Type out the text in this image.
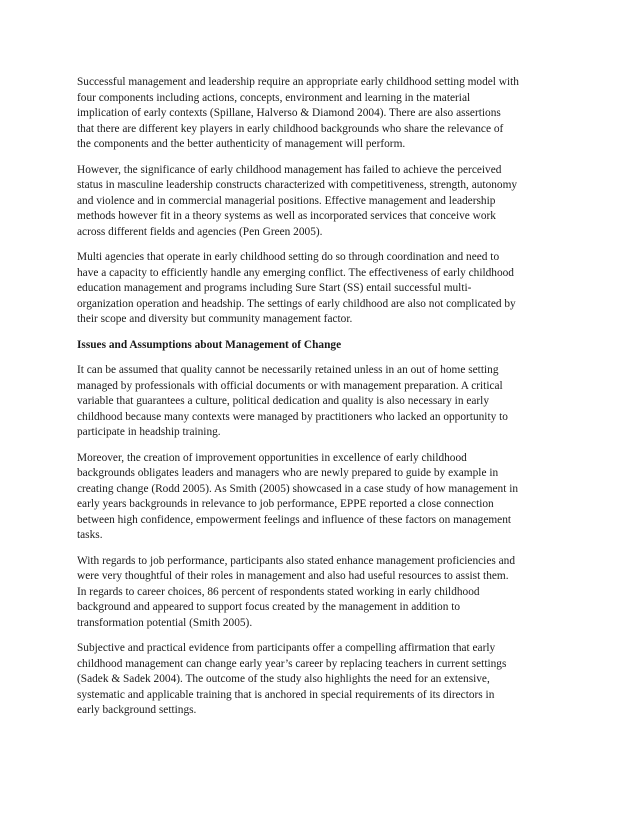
Successful management and leadership require an appropriate early childhood setting model with
four components including actions, concepts, environment and learning in the material
implication of early contexts (Spillane, Halverso & Diamond 2004). There are also assertions
that there are different key players in early childhood backgrounds who share the relevance of
the components and the better authenticity of management will perform.

However, the significance of early childhood management has failed to achieve the perceived
status in masculine leadership constructs characterized with competitiveness, strength, autonomy
and violence and in commercial managerial positions. Effective management and leadership
methods however fit in a theory systems as well as incorporated services that conceive work
across different fields and agencies (Pen Green 2005).

Multi agencies that operate in early childhood setting do so through coordination and need to
have a capacity to efficiently handle any emerging conflict. The effectiveness of early childhood
education management and programs including Sure Start (SS) entail successful multi-
organization operation and headship. The settings of early childhood are also not complicated by
their scope and diversity but community management factor.

Issues and Assumptions about Management of Change

It can be assumed that quality cannot be necessarily retained unless in an out of home setting
managed by professionals with official documents or with management preparation. A critical
variable that guarantees a culture, political dedication and quality is also necessary in early
childhood because many contexts were managed by practitioners who lacked an opportunity to
participate in headship training.

Moreover, the creation of improvement opportunities in excellence of early childhood
backgrounds obligates leaders and managers who are newly prepared to guide by example in
creating change (Rodd 2005). As Smith (2005) showcased in a case study of how management in
early years backgrounds in relevance to job performance, EPPE reported a close connection
between high confidence, empowerment feelings and influence of these factors on management
tasks.

With regards to job performance, participants also stated enhance management proficiencies and
were very thoughtful of their roles in management and also had useful resources to assist them.
In regards to career choices, 86 percent of respondents stated working in early childhood
background and appeared to support focus created by the management in addition to
transformation potential (Smith 2005).

Subjective and practical evidence from participants offer a compelling affirmation that early
childhood management can change early year’s career by replacing teachers in current settings
(Sadek & Sadek 2004). The outcome of the study also highlights the need for an extensive,
systematic and applicable training that is anchored in special requirements of its directors in
early background settings.
